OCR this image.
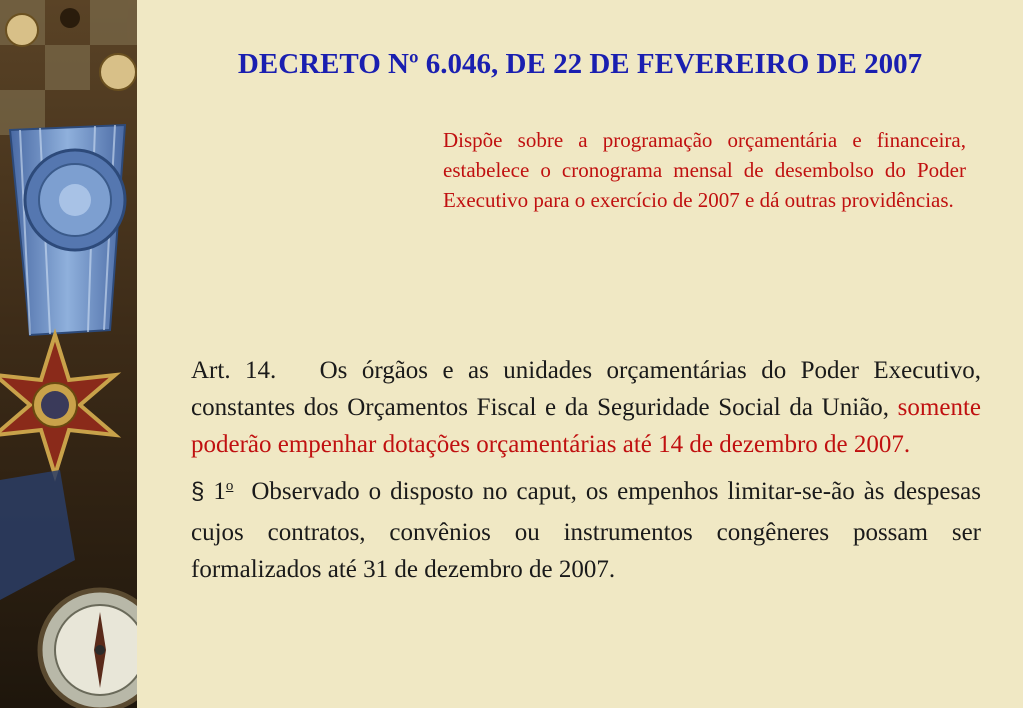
DECRETO Nº 6.046, DE 22 DE FEVEREIRO DE 2007
Dispõe sobre a programação orçamentária e financeira, estabelece o cronograma mensal de desembolso do Poder Executivo para o exercício de 2007 e dá outras providências.

Art. 14. Os órgãos e as unidades orçamentárias do Poder Executivo, constantes dos Orçamentos Fiscal e da Seguridade Social da União, somente poderão empenhar dotações orçamentárias até 14 de dezembro de 2007.

§ 1$^o$ Observado o disposto no caput, os empenhos limitar-se-ão às despesas cujos contratos, convênios ou instrumentos congêneres possam ser formalizados até 31 de dezembro de 2007.
